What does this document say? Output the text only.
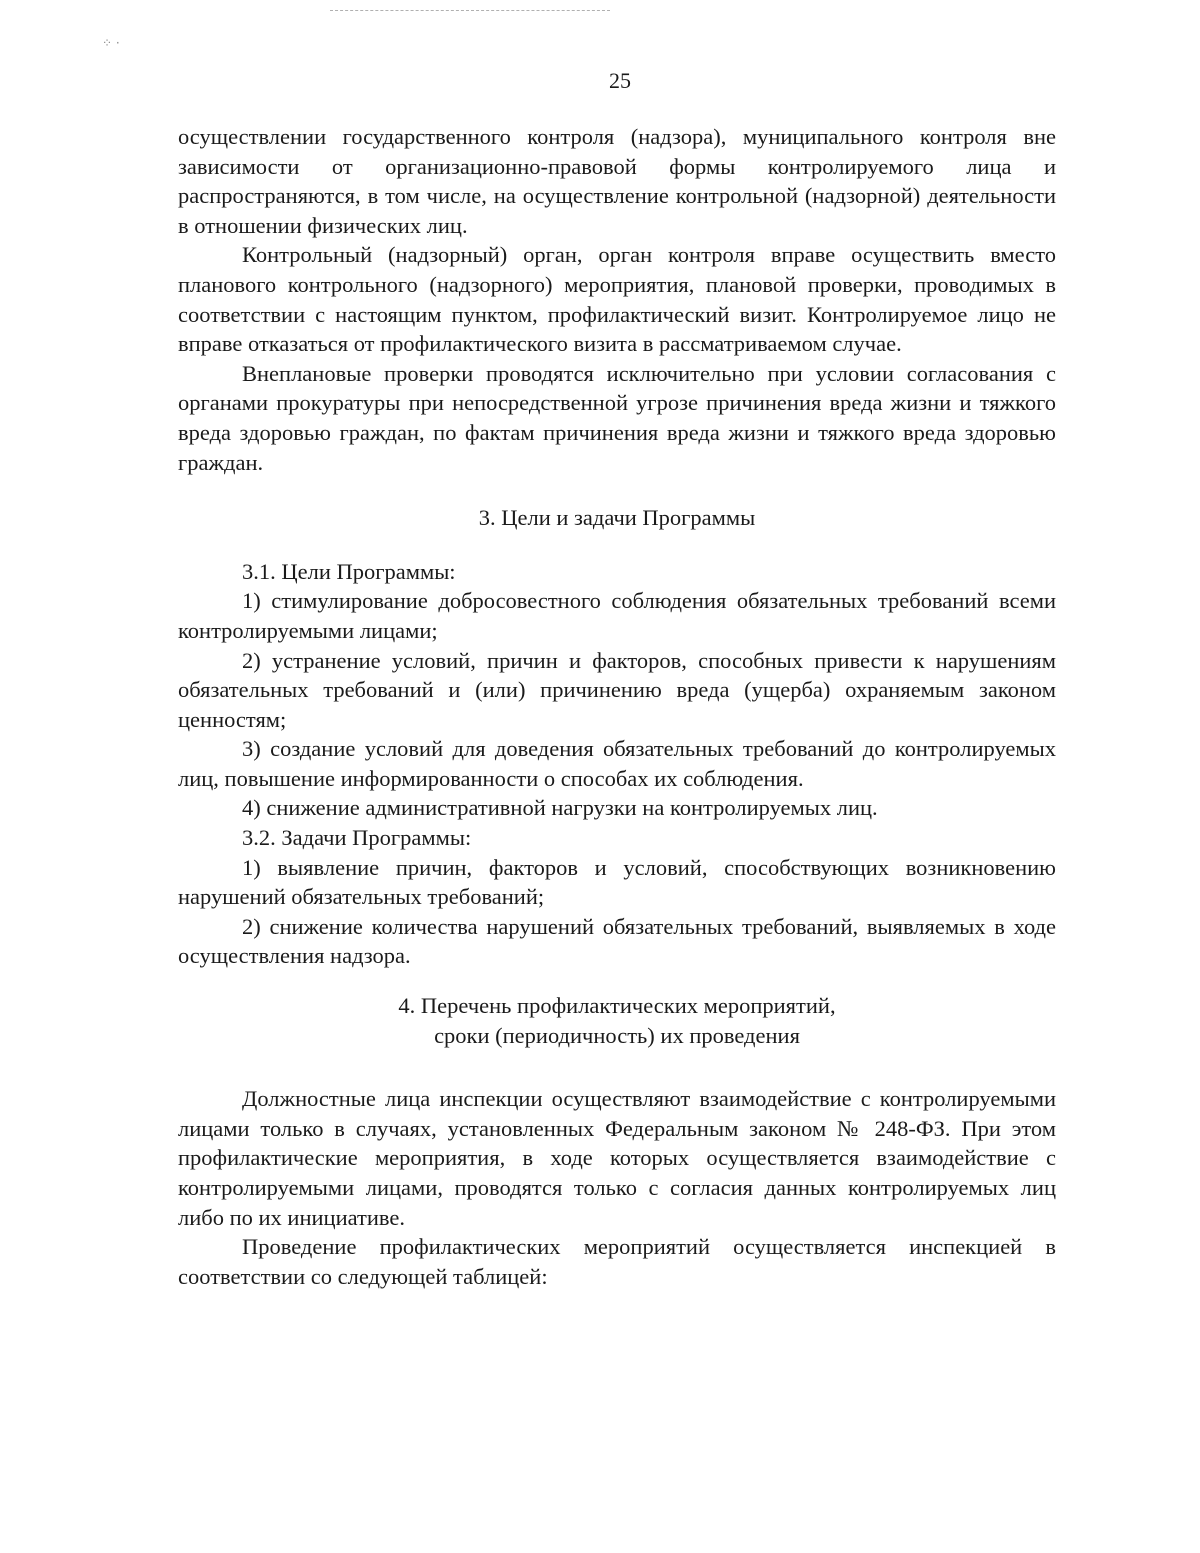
⁘ ·
25

осуществлении государственного контроля (надзора), муниципального контроля вне зависимости от организационно-правовой формы контролируемого лица и распространяются, в том числе, на осуществление контрольной (надзорной) деятельности в отношении физических лиц.

Контрольный (надзорный) орган, орган контроля вправе осуществить вместо планового контрольного (надзорного) мероприятия, плановой проверки, проводимых в соответствии с настоящим пунктом, профилактический визит. Контролируемое лицо не вправе отказаться от профилактического визита в рассматриваемом случае.

Внеплановые проверки проводятся исключительно при условии согласования с органами прокуратуры при непосредственной угрозе причинения вреда жизни и тяжкого вреда здоровью граждан, по фактам причинения вреда жизни и тяжкого вреда здоровью граждан.

3. Цели и задачи Программы

3.1. Цели Программы:

1) стимулирование добросовестного соблюдения обязательных требований всеми контролируемыми лицами;

2) устранение условий, причин и факторов, способных привести к нарушениям обязательных требований и (или) причинению вреда (ущерба) охраняемым законом ценностям;

3) создание условий для доведения обязательных требований до контролируемых лиц, повышение информированности о способах их соблюдения.

4) снижение административной нагрузки на контролируемых лиц.

3.2. Задачи Программы:

1) выявление причин, факторов и условий, способствующих возникновению нарушений обязательных требований;

2) снижение количества нарушений обязательных требований, выявляемых в ходе осуществления надзора.

4. Перечень профилактических мероприятий,
сроки (периодичность) их проведения

Должностные лица инспекции осуществляют взаимодействие с контролируемыми лицами только в случаях, установленных Федеральным законом № 248-ФЗ. При этом профилактические мероприятия, в ходе которых осуществляется взаимодействие с контролируемыми лицами, проводятся только с согласия данных контролируемых лиц либо по их инициативе.

Проведение профилактических мероприятий осуществляется инспекцией в соответствии со следующей таблицей:
